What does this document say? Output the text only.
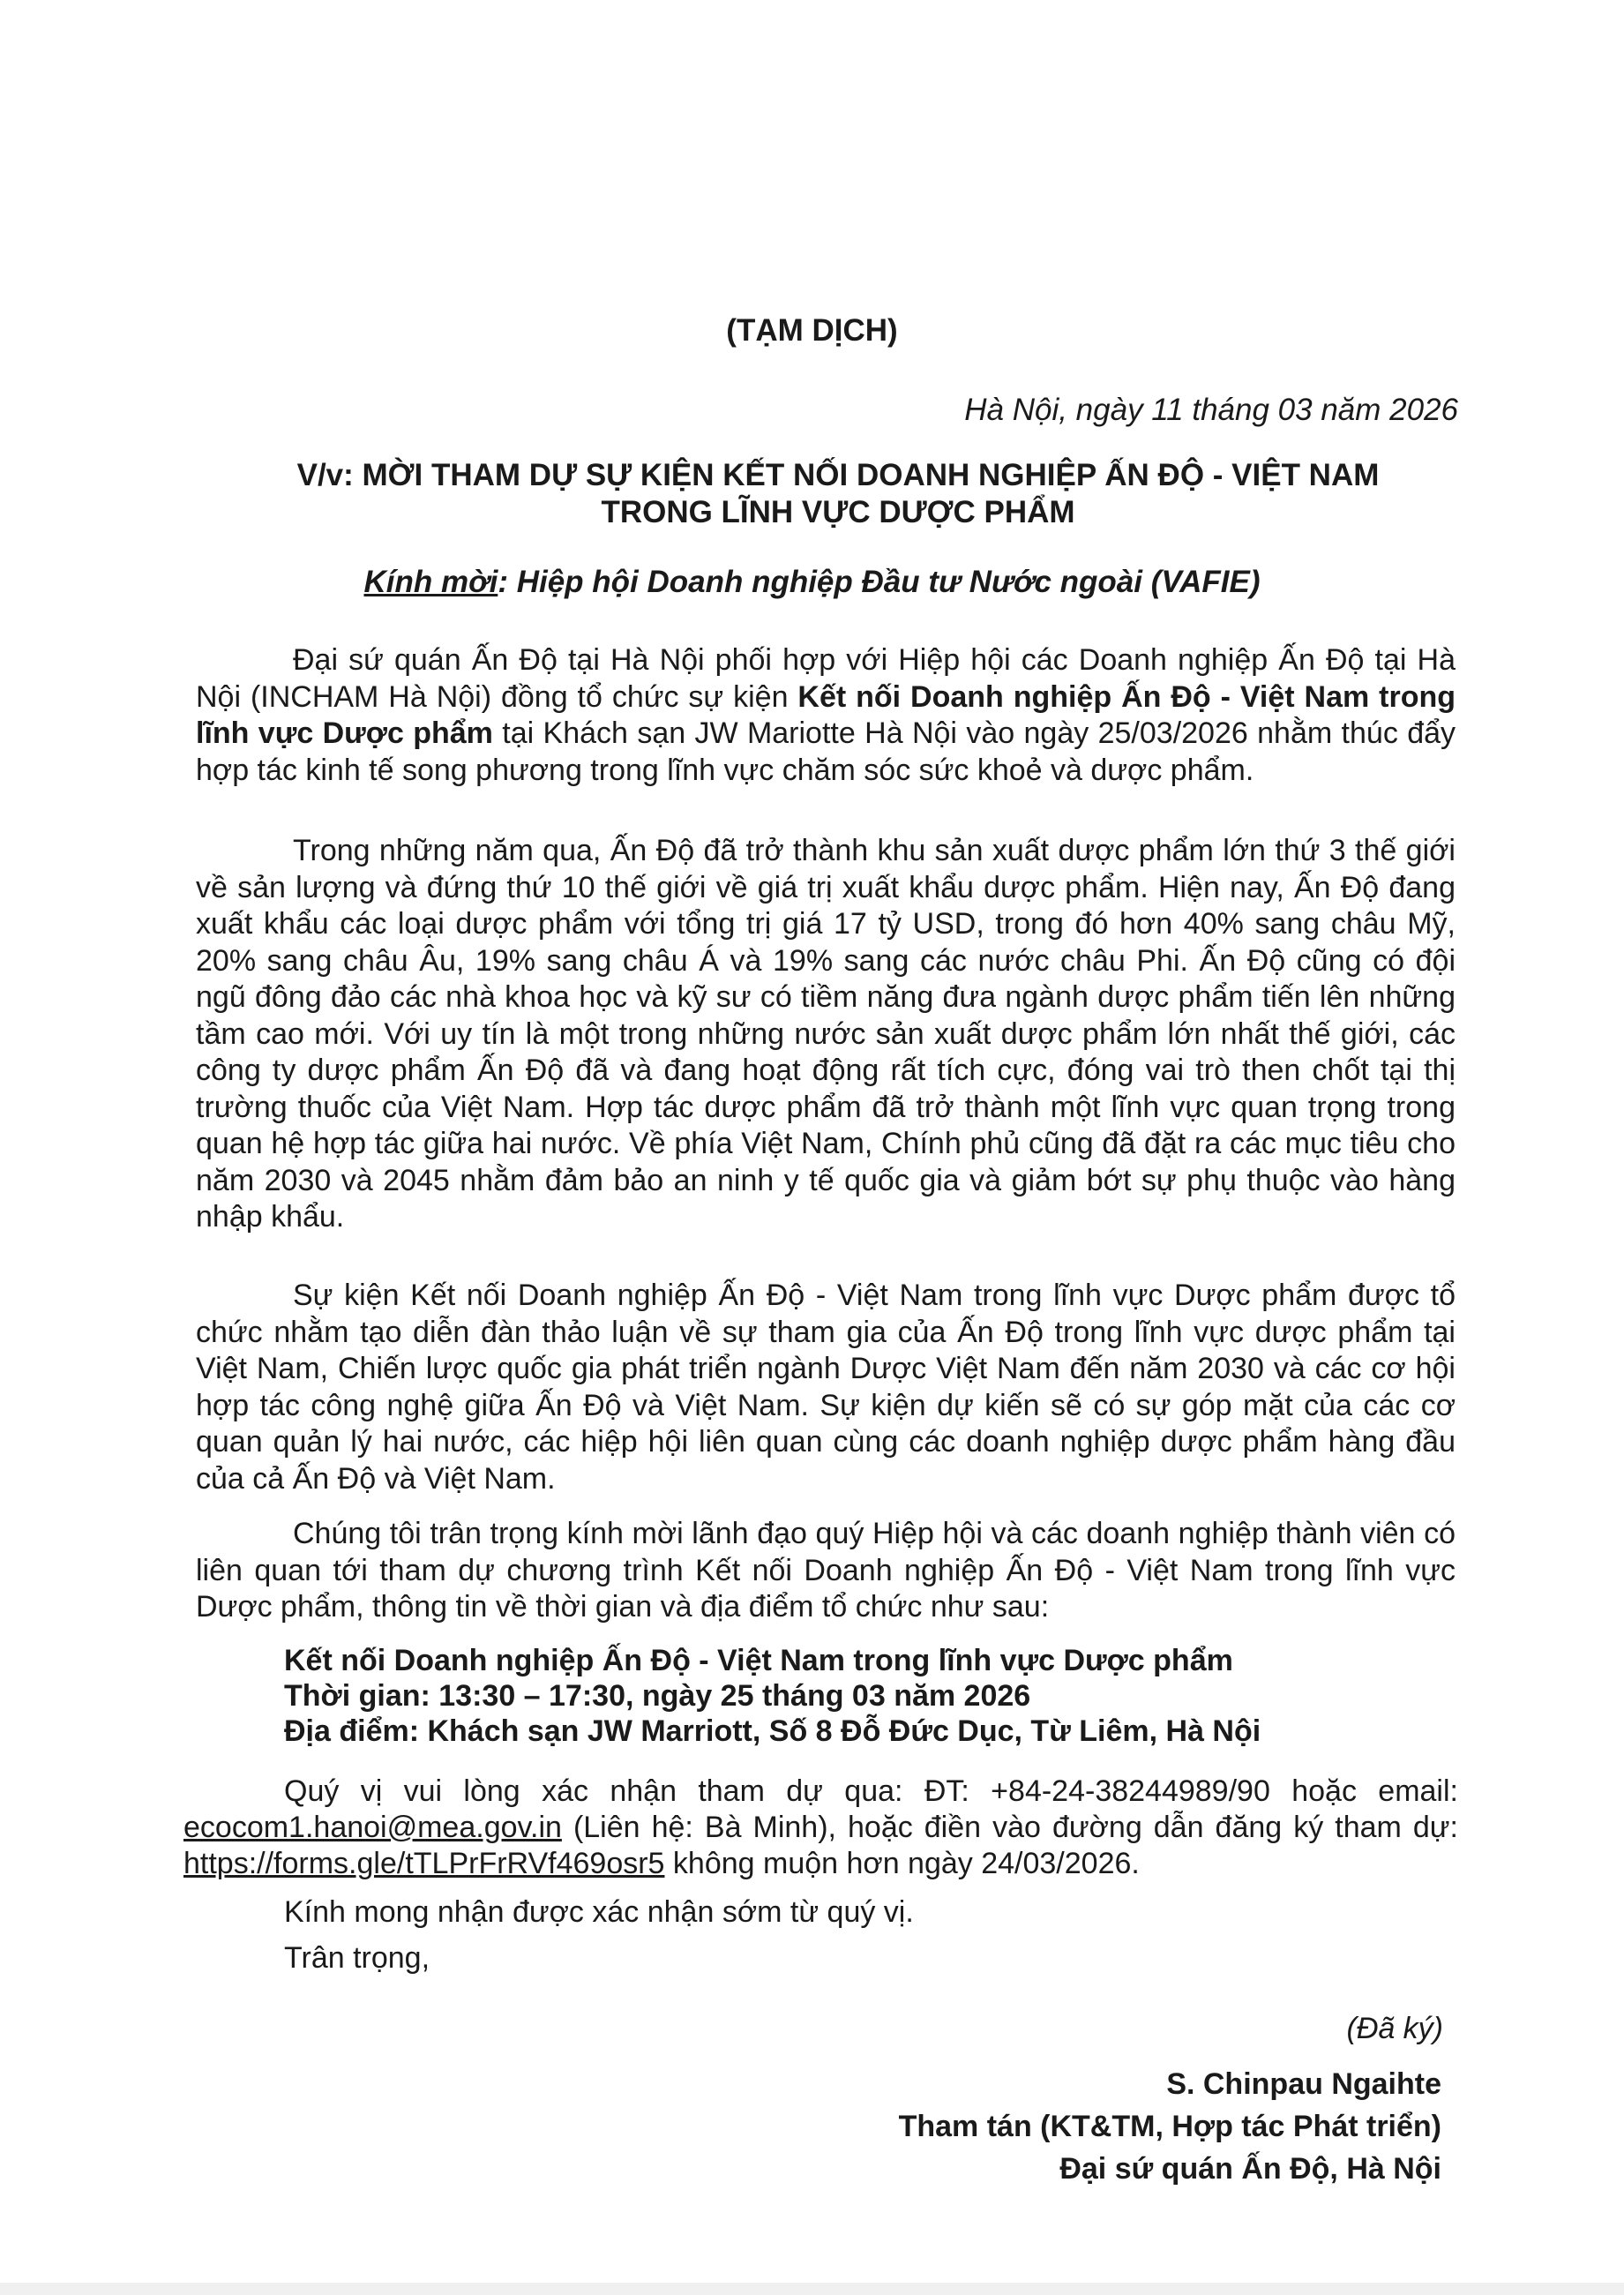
(TẠM DỊCH)
Hà Nội, ngày 11 tháng 03 năm 2026
V/v: MỜI THAM DỰ SỰ KIỆN KẾT NỐI DOANH NGHIỆP ẤN ĐỘ - VIỆT NAM
TRONG LĨNH VỰC DƯỢC PHẨM
Kính mời: Hiệp hội Doanh nghiệp Đầu tư Nước ngoài (VAFIE)
Đại sứ quán Ấn Độ tại Hà Nội phối hợp với Hiệp hội các Doanh nghiệp Ấn Độ tại Hà Nội (INCHAM Hà Nội) đồng tổ chức sự kiện Kết nối Doanh nghiệp Ấn Độ - Việt Nam trong lĩnh vực Dược phẩm tại Khách sạn JW Mariotte Hà Nội vào ngày 25/03/2026 nhằm thúc đẩy hợp tác kinh tế song phương trong lĩnh vực chăm sóc sức khoẻ và dược phẩm.
Trong những năm qua, Ấn Độ đã trở thành khu sản xuất dược phẩm lớn thứ 3 thế giới về sản lượng và đứng thứ 10 thế giới về giá trị xuất khẩu dược phẩm. Hiện nay, Ấn Độ đang xuất khẩu các loại dược phẩm với tổng trị giá 17 tỷ USD, trong đó hơn 40% sang châu Mỹ, 20% sang châu Âu, 19% sang châu Á và 19% sang các nước châu Phi. Ấn Độ cũng có đội ngũ đông đảo các nhà khoa học và kỹ sư có tiềm năng đưa ngành dược phẩm tiến lên những tầm cao mới. Với uy tín là một trong những nước sản xuất dược phẩm lớn nhất thế giới, các công ty dược phẩm Ấn Độ đã và đang hoạt động rất tích cực, đóng vai trò then chốt tại thị trường thuốc của Việt Nam. Hợp tác dược phẩm đã trở thành một lĩnh vực quan trọng trong quan hệ hợp tác giữa hai nước. Về phía Việt Nam, Chính phủ cũng đã đặt ra các mục tiêu cho năm 2030 và 2045 nhằm đảm bảo an ninh y tế quốc gia và giảm bớt sự phụ thuộc vào hàng nhập khẩu.
Sự kiện Kết nối Doanh nghiệp Ấn Độ - Việt Nam trong lĩnh vực Dược phẩm được tổ chức nhằm tạo diễn đàn thảo luận về sự tham gia của Ấn Độ trong lĩnh vực dược phẩm tại Việt Nam, Chiến lược quốc gia phát triển ngành Dược Việt Nam đến năm 2030 và các cơ hội hợp tác công nghệ giữa Ấn Độ và Việt Nam. Sự kiện dự kiến sẽ có sự góp mặt của các cơ quan quản lý hai nước, các hiệp hội liên quan cùng các doanh nghiệp dược phẩm hàng đầu của cả Ấn Độ và Việt Nam.
Chúng tôi trân trọng kính mời lãnh đạo quý Hiệp hội và các doanh nghiệp thành viên có liên quan tới tham dự chương trình Kết nối Doanh nghiệp Ấn Độ - Việt Nam trong lĩnh vực Dược phẩm, thông tin về thời gian và địa điểm tổ chức như sau:
Kết nối Doanh nghiệp Ấn Độ - Việt Nam trong lĩnh vực Dược phẩm
Thời gian: 13:30 – 17:30, ngày 25 tháng 03 năm 2026
Địa điểm: Khách sạn JW Marriott, Số 8 Đỗ Đức Dục, Từ Liêm, Hà Nội
Quý vị vui lòng xác nhận tham dự qua: ĐT: +84-24-38244989/90 hoặc email: ecocom1.hanoi@mea.gov.in (Liên hệ: Bà Minh), hoặc điền vào đường dẫn đăng ký tham dự: https://forms.gle/tTLPrFrRVf469osr5 không muộn hơn ngày 24/03/2026.
Kính mong nhận được xác nhận sớm từ quý vị.
Trân trọng,
(Đã ký)
S. Chinpau Ngaihte
Tham tán (KT&TM, Hợp tác Phát triển)
Đại sứ quán Ấn Độ, Hà Nội
